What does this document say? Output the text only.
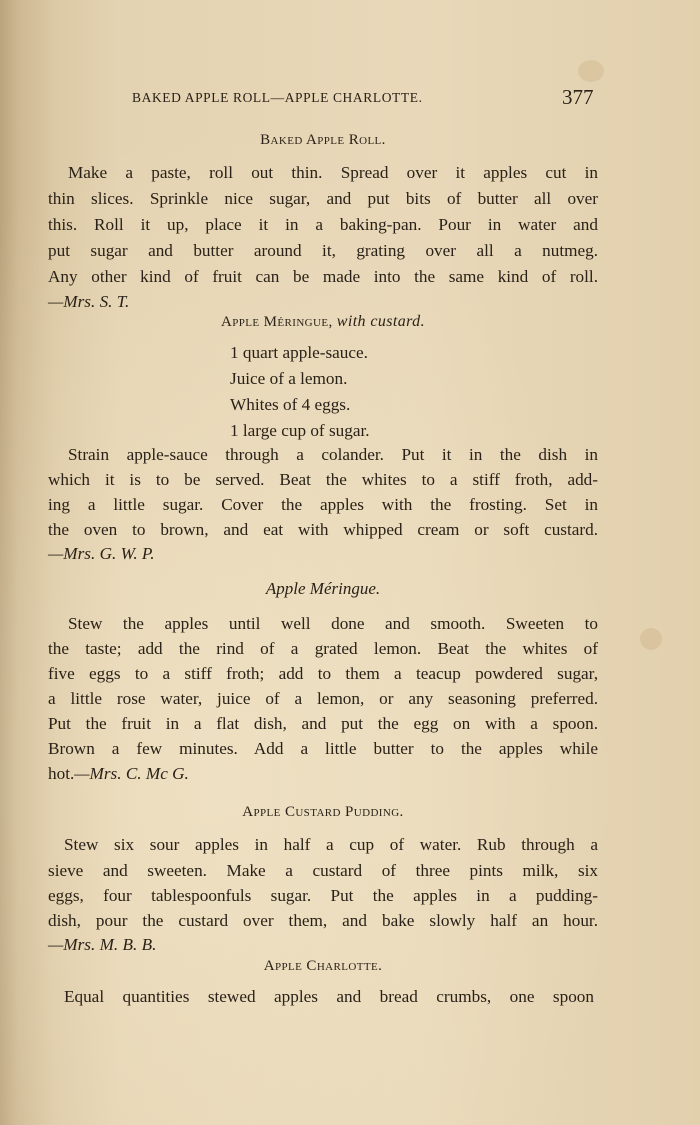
BAKED APPLE ROLL—APPLE CHARLOTTE.	377
Baked Apple Roll.
Make a paste, roll out thin. Spread over it apples cut in
thin slices. Sprinkle nice sugar, and put bits of butter all over
this. Roll it up, place it in a baking-pan. Pour in water and
put sugar and butter around it, grating over all a nutmeg.
Any other kind of fruit can be made into the same kind of roll.
—Mrs. S. T.
Apple Méringue, with custard.
1 quart apple-sauce.
Juice of a lemon.
Whites of 4 eggs.
1 large cup of sugar.
Strain apple-sauce through a colander. Put it in the dish in
which it is to be served. Beat the whites to a stiff froth, add-
ing a little sugar. Cover the apples with the frosting. Set in
the oven to brown, and eat with whipped cream or soft custard.
—Mrs. G. W. P.
Apple Méringue.
Stew the apples until well done and smooth. Sweeten to
the taste; add the rind of a grated lemon. Beat the whites of
five eggs to a stiff froth; add to them a teacup powdered sugar,
a little rose water, juice of a lemon, or any seasoning preferred.
Put the fruit in a flat dish, and put the egg on with a spoon.
Brown a few minutes. Add a little butter to the apples while
hot.—Mrs. C. Mc G.
Apple Custard Pudding.
Stew six sour apples in half a cup of water. Rub through a
sieve and sweeten. Make a custard of three pints milk, six
eggs, four tablespoonfuls sugar. Put the apples in a pudding-
dish, pour the custard over them, and bake slowly half an hour.
—Mrs. M. B. B.
Apple Charlotte.
Equal quantities stewed apples and bread crumbs, one spoon
